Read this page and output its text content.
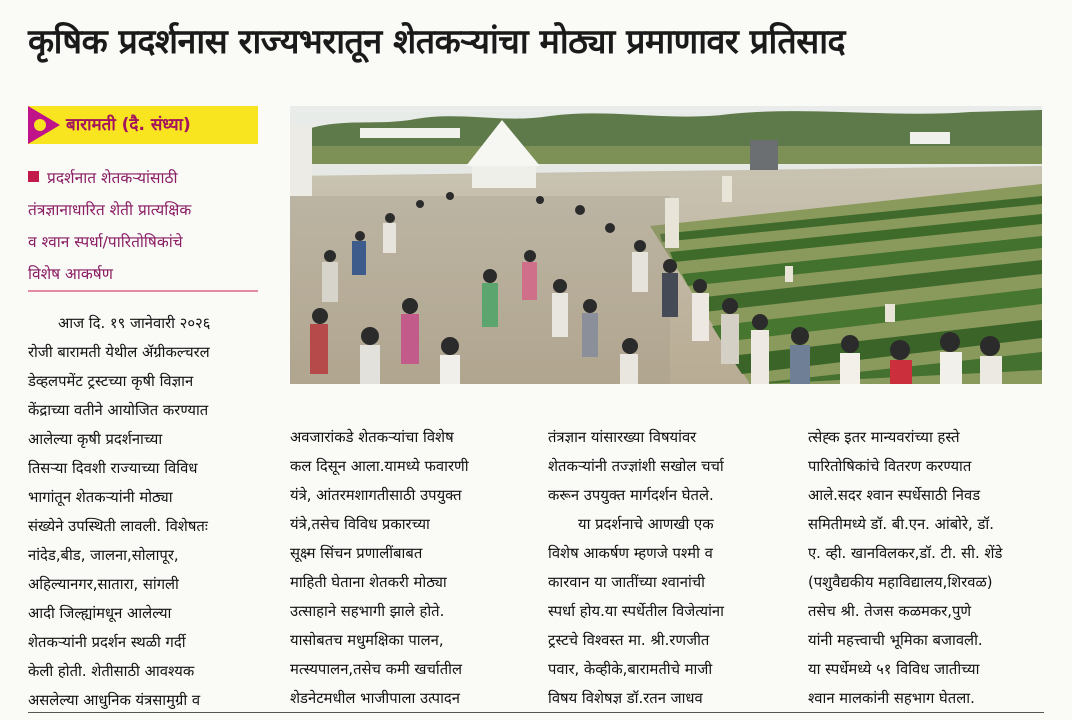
कृषिक प्रदर्शनास राज्यभरातून शेतकऱ्यांचा मोठ्या प्रमाणावर प्रतिसाद
बारामती (दै. संध्या)
प्रदर्शनात शेतकऱ्यांसाठी
तंत्रज्ञानाधारित शेती प्रात्यक्षिक
व श्वान स्पर्धा/पारितोषिकांचे
विशेष आकर्षण
आज दि. १९ जानेवारी २०२६
रोजी बारामती येथील ॲग्रीकल्चरल
डेव्हलपमेंट ट्रस्टच्या कृषी विज्ञान
केंद्राच्या वतीने आयोजित करण्यात
आलेल्या कृषी प्रदर्शनाच्या
तिसऱ्या दिवशी राज्याच्या विविध
भागांतून शेतकऱ्यांनी मोठ्या
संख्येने उपस्थिती लावली. विशेषतः
नांदेड,बीड, जालना,सोलापूर,
अहिल्यानगर,सातारा, सांगली
आदी जिल्ह्यांमधून आलेल्या
शेतकऱ्यांनी प्रदर्शन स्थळी गर्दी
केली होती. शेतीसाठी आवश्यक
असलेल्या आधुनिक यंत्रसामुग्री व
अवजारांकडे शेतकऱ्यांचा विशेष
कल दिसून आला.यामध्ये फवारणी
यंत्रे, आंतरमशागतीसाठी उपयुक्त
यंत्रे,तसेच विविध प्रकारच्या
सूक्ष्म सिंचन प्रणालींबाबत
माहिती घेताना शेतकरी मोठ्या
उत्साहाने सहभागी झाले होते.
यासोबतच मधुमक्षिका पालन,
मत्स्यपालन,तसेच कमी खर्चातील
शेडनेटमधील भाजीपाला उत्पादन
तंत्रज्ञान यांसारख्या विषयांवर
शेतकऱ्यांनी तज्ज्ञांशी सखोल चर्चा
करून उपयुक्त मार्गदर्शन घेतले.
या प्रदर्शनाचे आणखी एक
विशेष आकर्षण म्हणजे पश्मी व
कारवान या जातींच्या श्वानांची
स्पर्धा होय.या स्पर्धेतील विजेत्यांना
ट्रस्टचे विश्वस्त मा. श्री.रणजीत
पवार, केव्हीके,बारामतीचे माजी
विषय विशेषज्ञ डॉ.रतन जाधव
त्सेह्क इतर मान्यवरांच्या हस्ते
पारितोषिकांचे वितरण करण्यात
आले.सदर श्वान स्पर्धेसाठी निवड
समितीमध्ये डॉ. बी.एन. आंबोरे, डॉ.
ए. व्ही. खानविलकर,डॉ. टी. सी. शेंडे
(पशुवैद्यकीय महाविद्यालय,शिरवळ)
तसेच श्री. तेजस कळमकर,पुणे
यांनी महत्त्वाची भूमिका बजावली.
या स्पर्धेमध्ये ५१ विविध जातीच्या
श्वान मालकांनी सहभाग घेतला.
